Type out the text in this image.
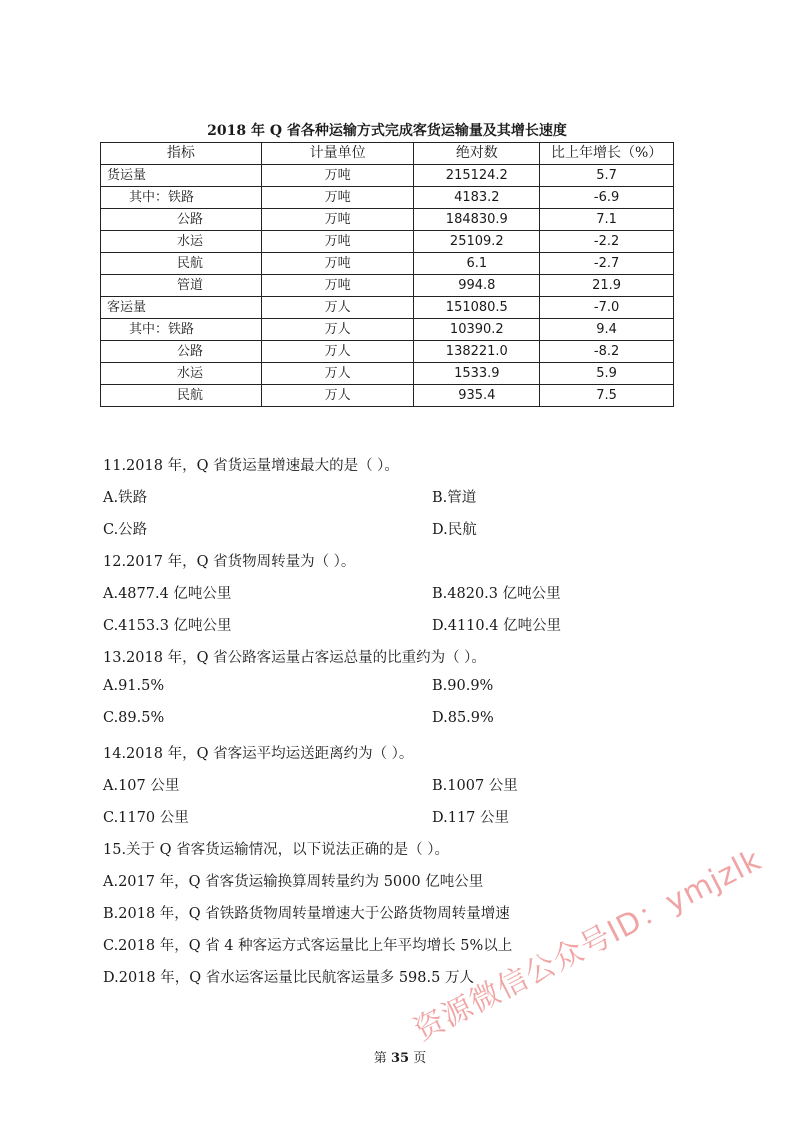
2018 年 Q 省各种运输方式完成客货运输量及其增长速度
指标	计量单位	绝对数	比上年增长（%）
货运量	万吨	215124.2	5.7
其中：铁路	万吨	4183.2	-6.9
公路	万吨	184830.9	7.1
水运	万吨	25109.2	-2.2
民航	万吨	6.1	-2.7
管道	万吨	994.8	21.9
客运量	万人	151080.5	-7.0
其中：铁路	万人	10390.2	9.4
公路	万人	138221.0	-8.2
水运	万人	1533.9	5.9
民航	万人	935.4	7.5
11.2018 年，Q 省货运量增速最大的是（ ）。
A.铁路	B.管道
C.公路	D.民航
12.2017 年，Q 省货物周转量为（ ）。
A.4877.4 亿吨公里	B.4820.3 亿吨公里
C.4153.3 亿吨公里	D.4110.4 亿吨公里
13.2018 年，Q 省公路客运量占客运总量的比重约为（ ）。
A.91.5%	B.90.9%
C.89.5%	D.85.9%
14.2018 年，Q 省客运平均运送距离约为（ ）。
A.107 公里	B.1007 公里
C.1170 公里	D.117 公里
15.关于 Q 省客货运输情况，以下说法正确的是（ ）。
A.2017 年，Q 省客货运输换算周转量约为 5000 亿吨公里
B.2018 年，Q 省铁路货物周转量增速大于公路货物周转量增速
C.2018 年，Q 省 4 种客运方式客运量比上年平均增长 5%以上
D.2018 年，Q 省水运客运量比民航客运量多 598.5 万人
第 35 页
资源微信公众号ID：ymjzlk
